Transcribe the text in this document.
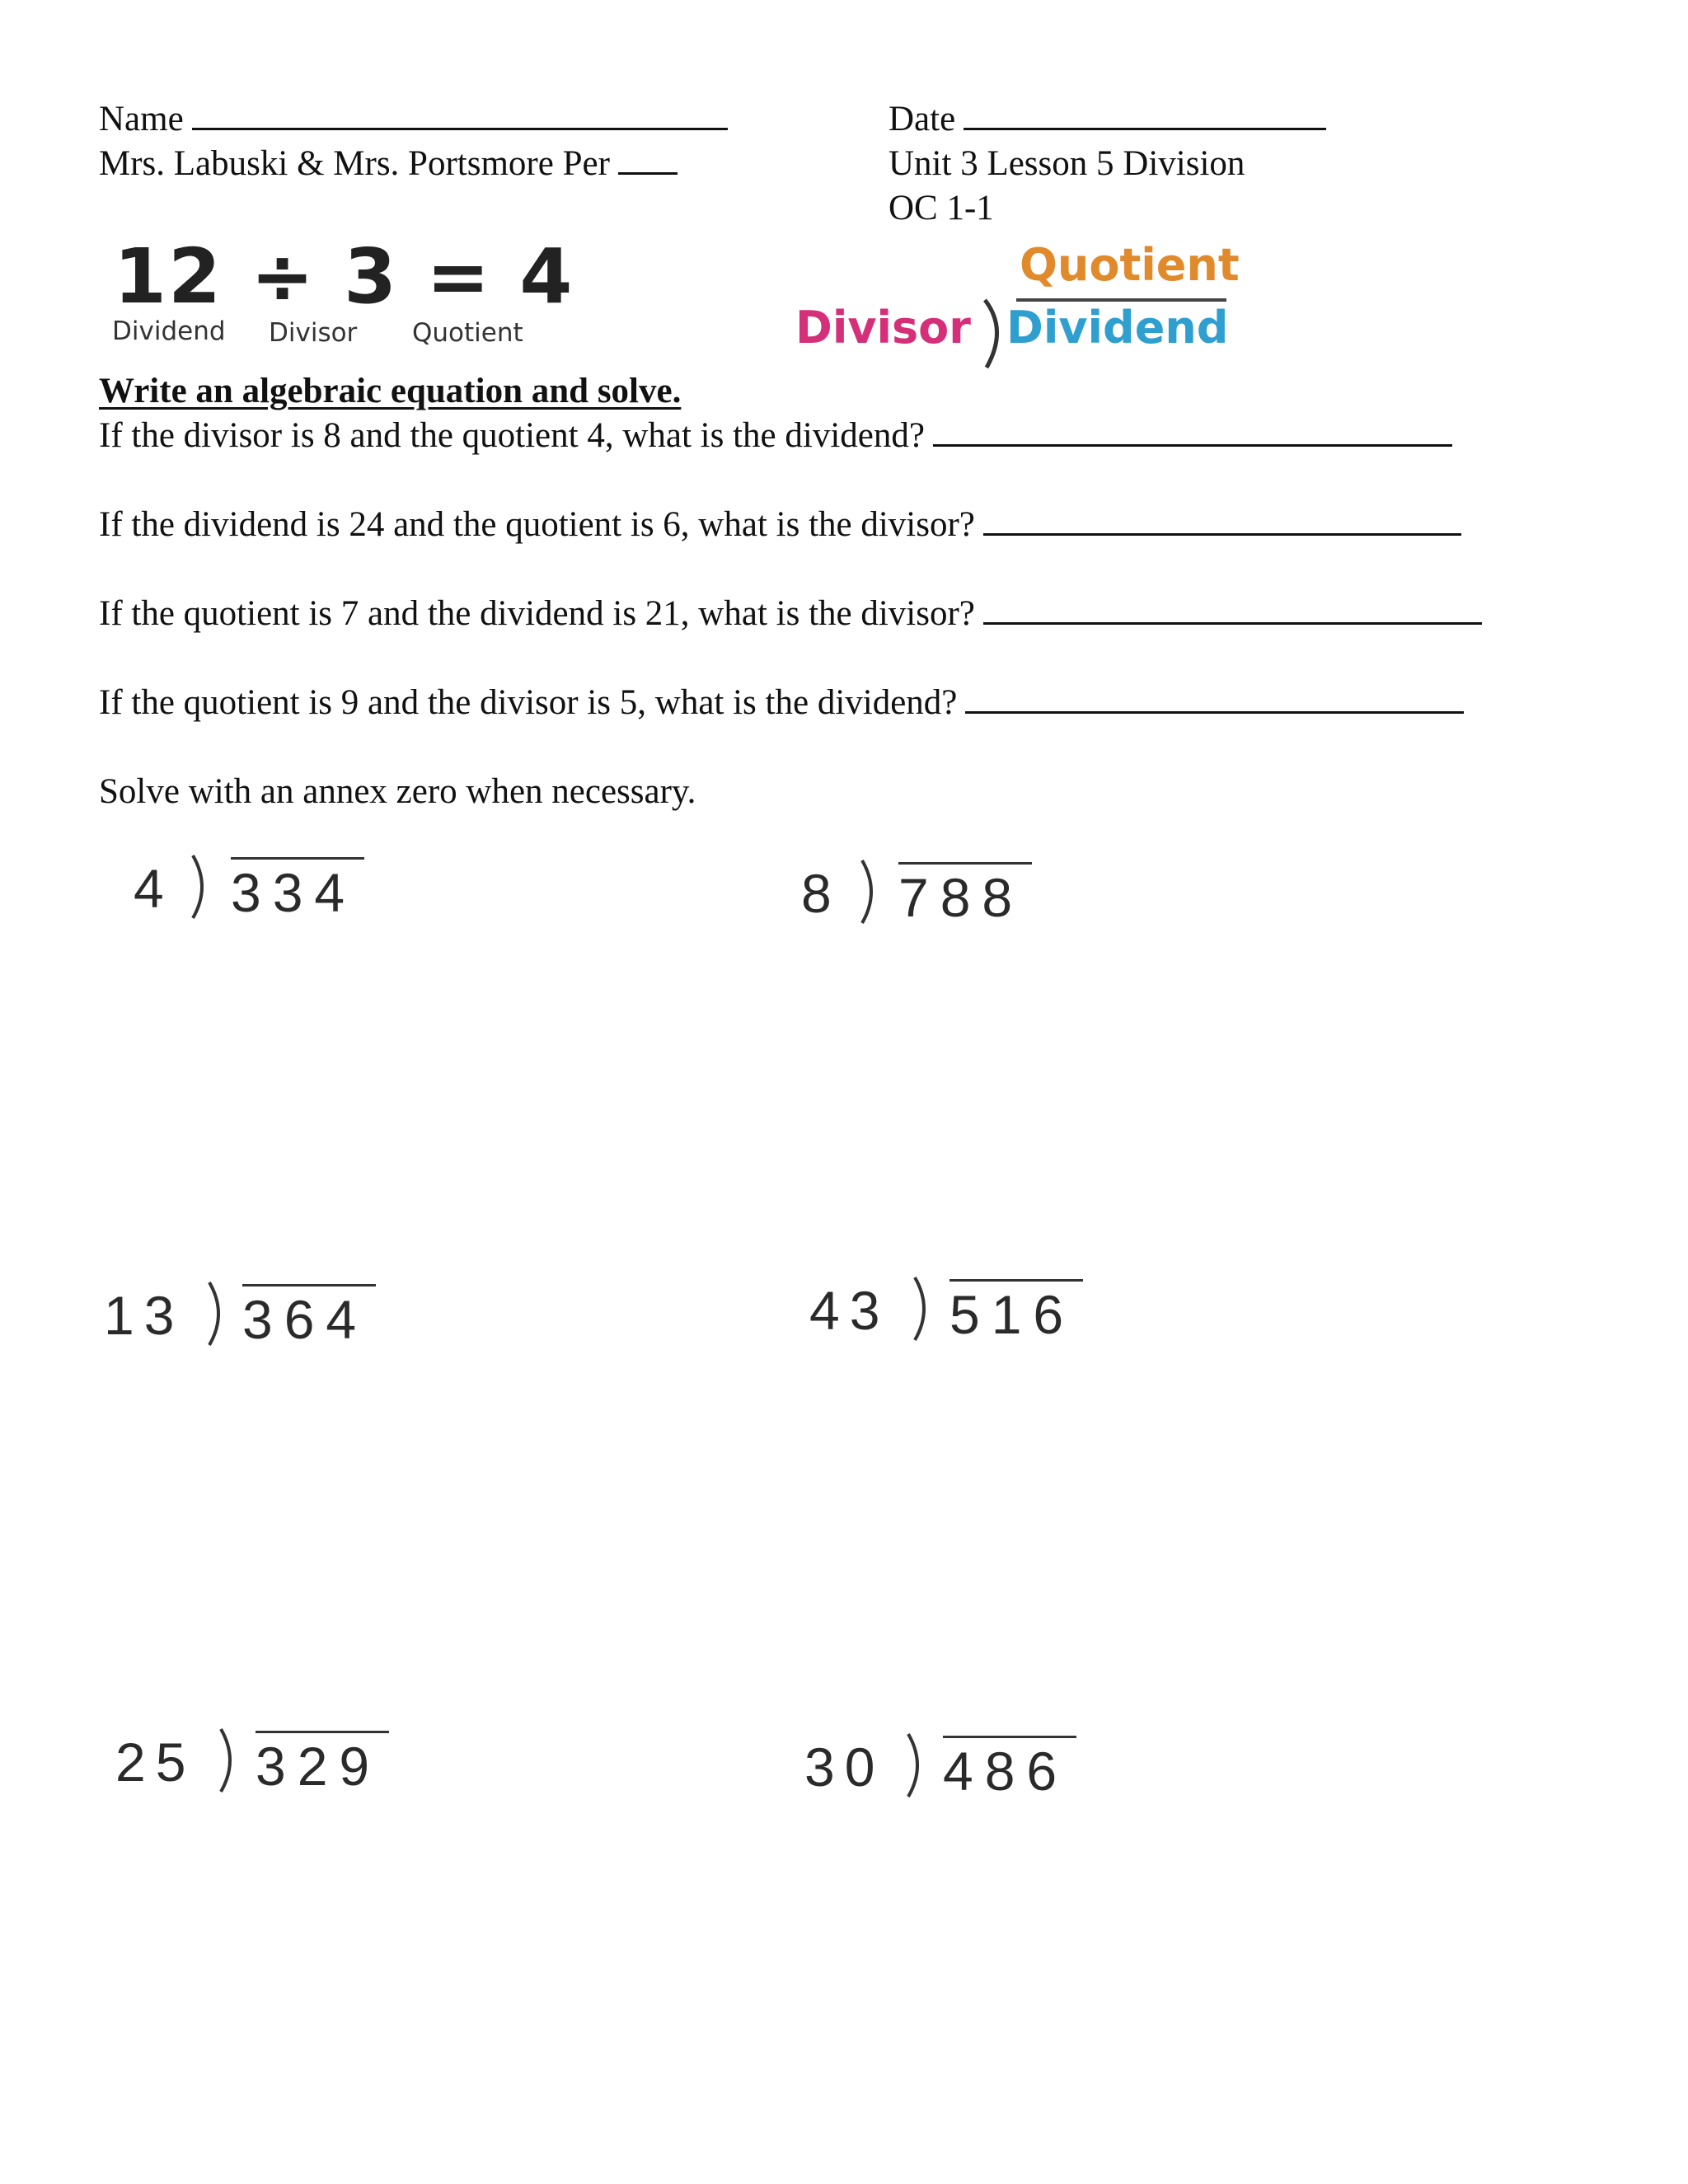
Name	Date
Mrs. Labuski & Mrs. Portsmore Per	Unit 3 Lesson 5 Division
OC 1-1
12 ÷ 3 = 4
Dividend Divisor Quotient
Quotient
Divisor Dividend
Write an algebraic equation and solve.
If the divisor is 8 and the quotient 4, what is the dividend?
If the dividend is 24 and the quotient is 6, what is the divisor?
If the quotient is 7 and the dividend is 21, what is the divisor?
If the quotient is 9 and the divisor is 5, what is the dividend?
Solve with an annex zero when necessary.
4 334	8 788
13 364	43 516
25 329	30 486
